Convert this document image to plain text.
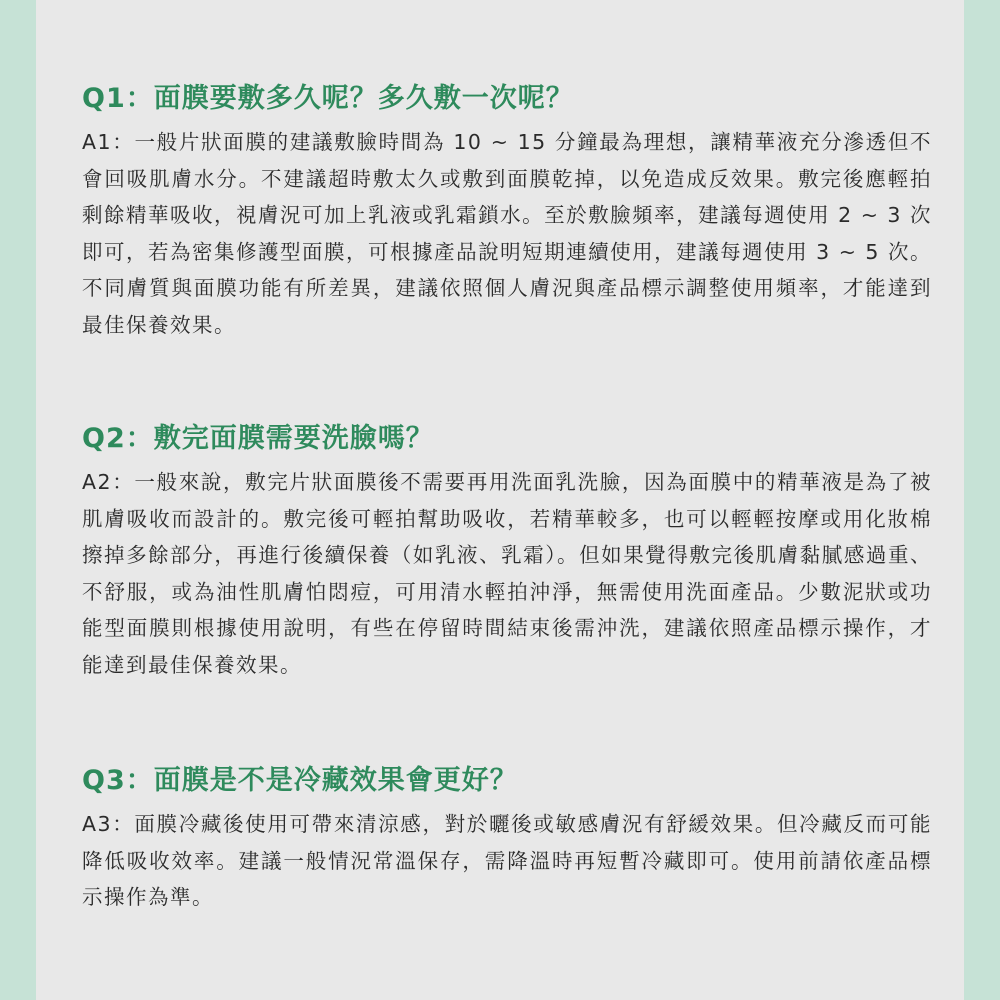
Q1：面膜要敷多久呢？多久敷一次呢？

A1：一般片狀面膜的建議敷臉時間為 10 ~ 15 分鐘最為理想，讓精華液充分滲透但不會回吸肌膚水分。不建議超時敷太久或敷到面膜乾掉，以免造成反效果。敷完後應輕拍剩餘精華吸收，視膚況可加上乳液或乳霜鎖水。至於敷臉頻率，建議每週使用 2 ~ 3 次即可，若為密集修護型面膜，可根據產品說明短期連續使用，建議每週使用 3 ~ 5 次。不同膚質與面膜功能有所差異，建議依照個人膚況與產品標示調整使用頻率，才能達到最佳保養效果。

Q2：敷完面膜需要洗臉嗎？

A2：一般來說，敷完片狀面膜後不需要再用洗面乳洗臉，因為面膜中的精華液是為了被肌膚吸收而設計的。敷完後可輕拍幫助吸收，若精華較多，也可以輕輕按摩或用化妝棉擦掉多餘部分，再進行後續保養（如乳液、乳霜）。但如果覺得敷完後肌膚黏膩感過重、不舒服，或為油性肌膚怕悶痘，可用清水輕拍沖淨，無需使用洗面產品。少數泥狀或功能型面膜則根據使用說明，有些在停留時間結束後需沖洗，建議依照產品標示操作，才能達到最佳保養效果。

Q3：面膜是不是冷藏效果會更好？

A3：面膜冷藏後使用可帶來清涼感，對於曬後或敏感膚況有舒緩效果。但冷藏反而可能降低吸收效率。建議一般情況常溫保存，需降溫時再短暫冷藏即可。使用前請依產品標示操作為準。
